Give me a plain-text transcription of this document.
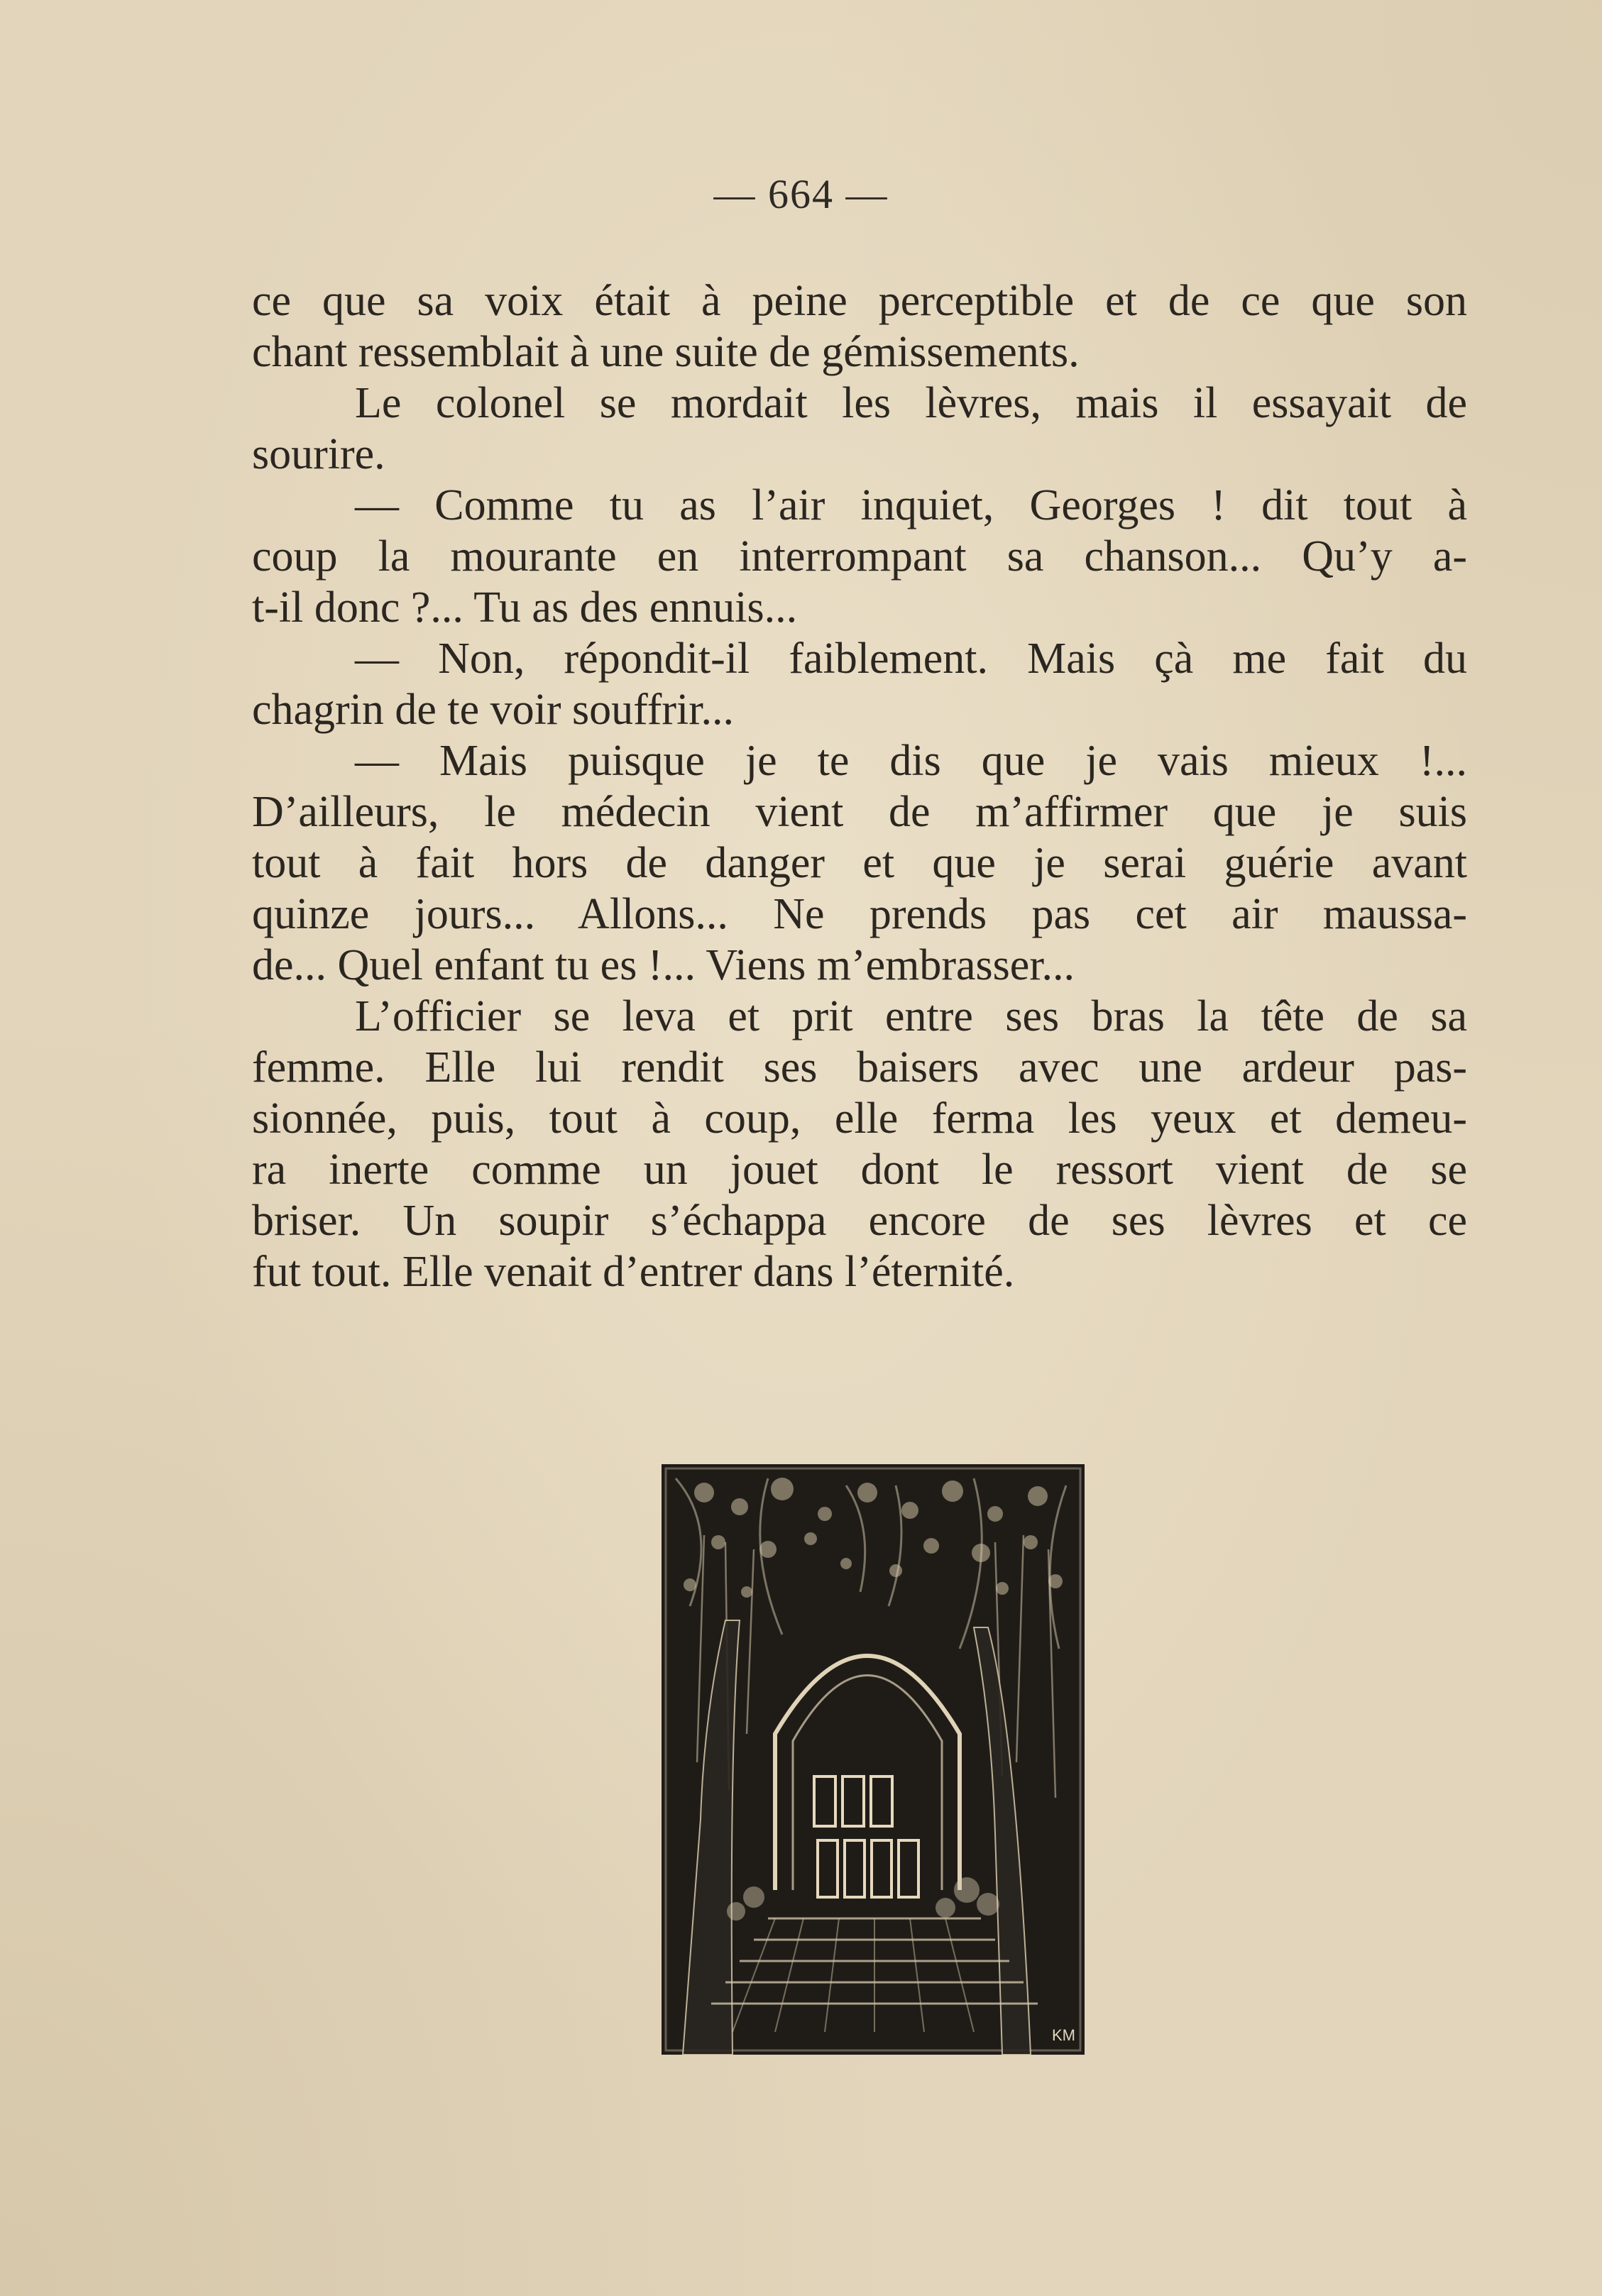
— 664 —
ce que sa voix était à peine perceptible et de ce que son
chant ressemblait à une suite de gémissements.
Le colonel se mordait les lèvres, mais il essayait de
sourire.
— Comme tu as l’air inquiet, Georges ! dit tout à
coup la mourante en interrompant sa chanson... Qu’y a-
t-il donc ?... Tu as des ennuis...
— Non, répondit-il faiblement. Mais çà me fait du
chagrin de te voir souffrir...
— Mais puisque je te dis que je vais mieux !...
D’ailleurs, le médecin vient de m’affirmer que je suis
tout à fait hors de danger et que je serai guérie avant
quinze jours... Allons... Ne prends pas cet air maussa-
de... Quel enfant tu es !... Viens m’embrasser...
L’officier se leva et prit entre ses bras la tête de sa
femme. Elle lui rendit ses baisers avec une ardeur pas-
sionnée, puis, tout à coup, elle ferma les yeux et demeu-
ra inerte comme un jouet dont le ressort vient de se
briser. Un soupir s’échappa encore de ses lèvres et ce
fut tout. Elle venait d’entrer dans l’éternité.
KM
